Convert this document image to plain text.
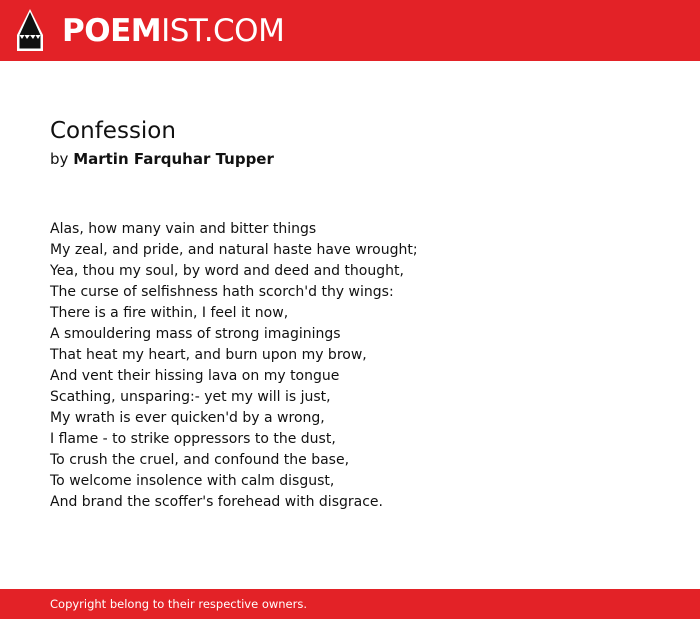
POEMIST.COM
Confession
by Martin Farquhar Tupper
Alas, how many vain and bitter things
My zeal, and pride, and natural haste have wrought;
Yea, thou my soul, by word and deed and thought,
The curse of selfishness hath scorch'd thy wings:
There is a fire within, I feel it now,
A smouldering mass of strong imaginings
That heat my heart, and burn upon my brow,
And vent their hissing lava on my tongue
Scathing, unsparing:- yet my will is just,
My wrath is ever quicken'd by a wrong,
I flame - to strike oppressors to the dust,
To crush the cruel, and confound the base,
To welcome insolence with calm disgust,
And brand the scoffer's forehead with disgrace.
Copyright belong to their respective owners.
